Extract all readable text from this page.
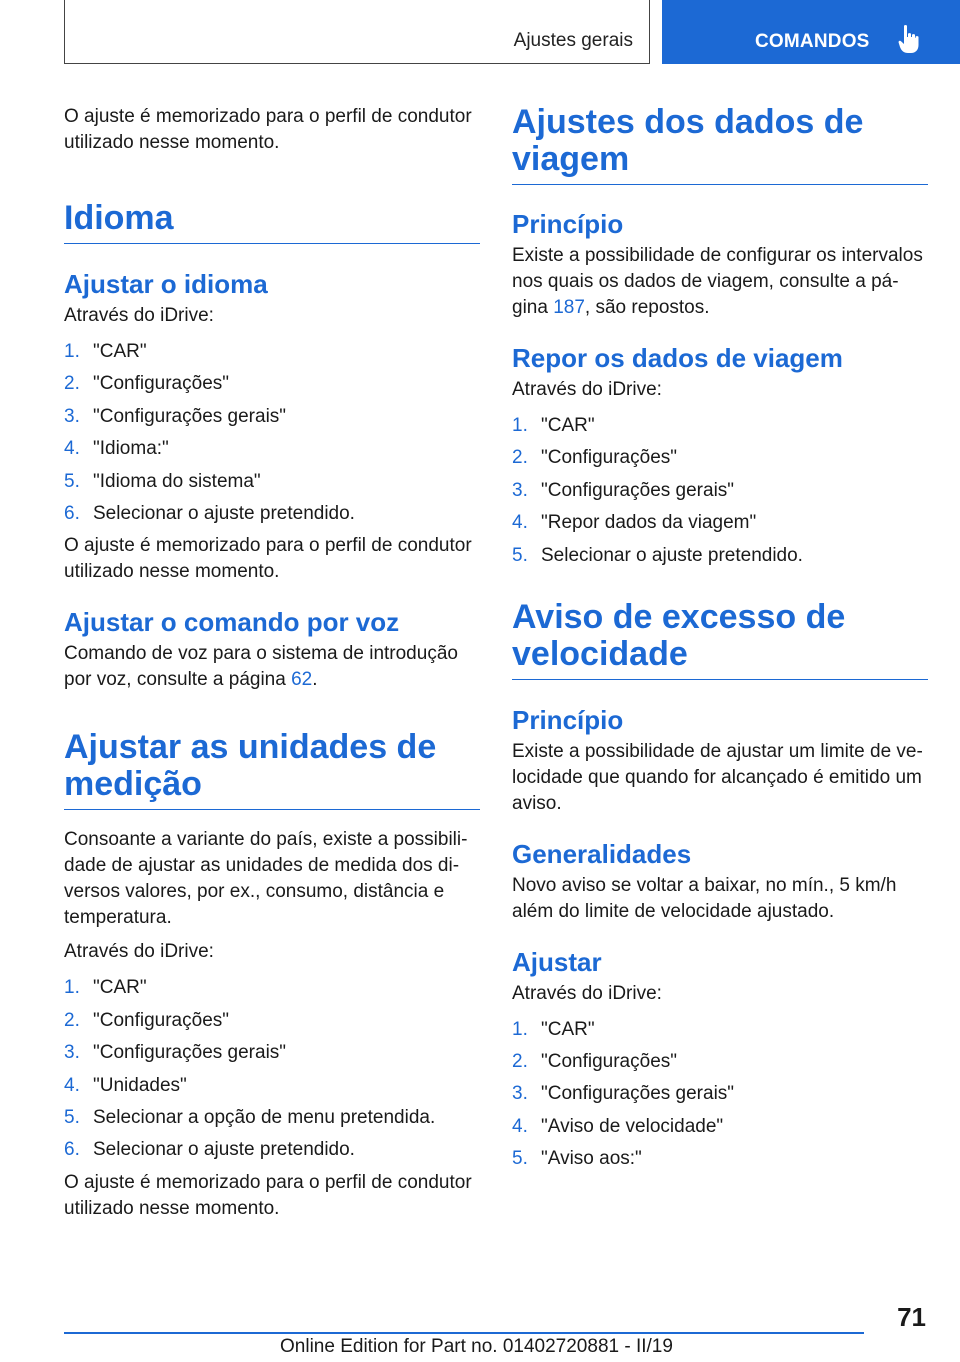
Ajustes gerais	COMANDOS

O ajuste é memorizado para o perfil de condutor utilizado nesse momento.

Idioma
Ajustar o idioma

Através do iDrive:

1. "CAR"
2. "Configurações"
3. "Configurações gerais"
4. "Idioma:"
5. "Idioma do sistema"
6. Selecionar o ajuste pretendido.

O ajuste é memorizado para o perfil de condutor utilizado nesse momento.

Ajustar o comando por voz

Comando de voz para o sistema de introdução por voz, consulte a página 62.

Ajustar as unidades de medição

Consoante a variante do país, existe a possibili-dade de ajustar as unidades de medida dos di-versos valores, por ex., consumo, distância e temperatura.

Através do iDrive:

1. "CAR"
2. "Configurações"
3. "Configurações gerais"
4. "Unidades"
5. Selecionar a opção de menu pretendida.
6. Selecionar o ajuste pretendido.

O ajuste é memorizado para o perfil de condutor utilizado nesse momento.

Ajustes dos dados de viagem
Princípio

Existe a possibilidade de configurar os intervalos nos quais os dados de viagem, consulte a pá-gina 187, são repostos.

Repor os dados de viagem

Através do iDrive:

1. "CAR"
2. "Configurações"
3. "Configurações gerais"
4. "Repor dados da viagem"
5. Selecionar o ajuste pretendido.
Aviso de excesso de velocidade
Princípio

Existe a possibilidade de ajustar um limite de ve-locidade que quando for alcançado é emitido um aviso.

Generalidades

Novo aviso se voltar a baixar, no mín., 5 km/h além do limite de velocidade ajustado.

Ajustar

Através do iDrive:

1. "CAR"
2. "Configurações"
3. "Configurações gerais"
4. "Aviso de velocidade"
5. "Aviso aos:"
71
Online Edition for Part no. 01402720881 - II/19
